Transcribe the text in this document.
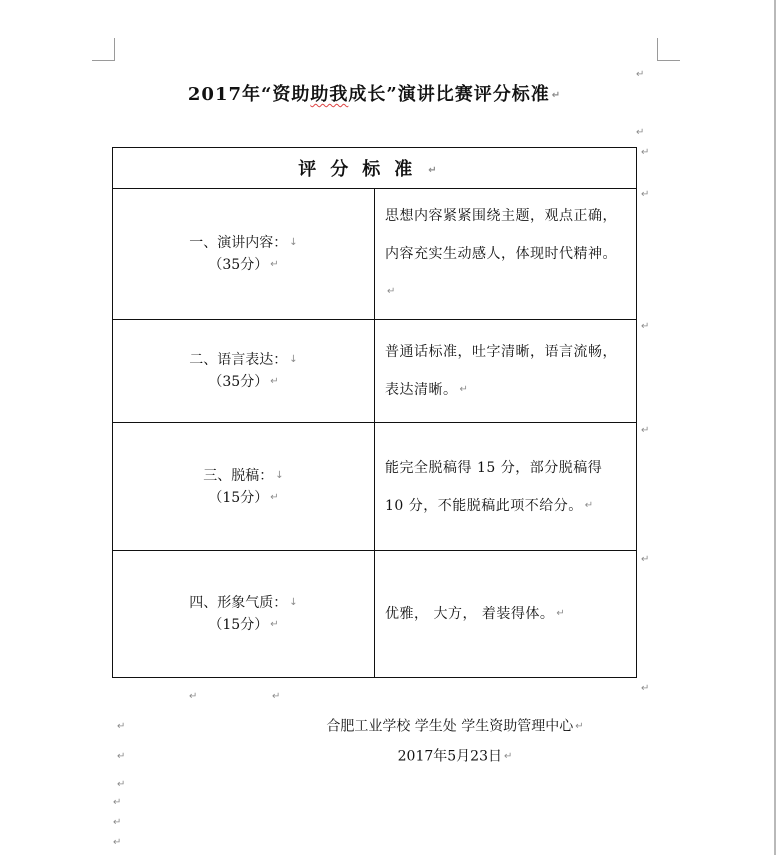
↵
↵
↵
↵
↵
↵
↵
↵
↵	↵
↵
↵
↵
↵
↵
↵
2017年“资助助我成长”演讲比赛评分标准 ↵
评分标准 ↵	

一、演讲内容： ↓
（35分） ↵	思想内容紧紧围绕主题，观点正确，内容充实生动感人，体现时代精神。↵

二、语言表达： ↓
（35分） ↵	普通话标准，吐字清晰，语言流畅，表达清晰。 ↵

三、脱稿： ↓
（15分） ↵	能完全脱稿得 15 分，部分脱稿得 10 分，不能脱稿此项不给分。 ↵

四、形象气质： ↓
（15分） ↵	优雅， 大方， 着装得体。 ↵
合肥工业学校 学生处 学生资助管理中心 ↵
2017年5月23日 ↵
